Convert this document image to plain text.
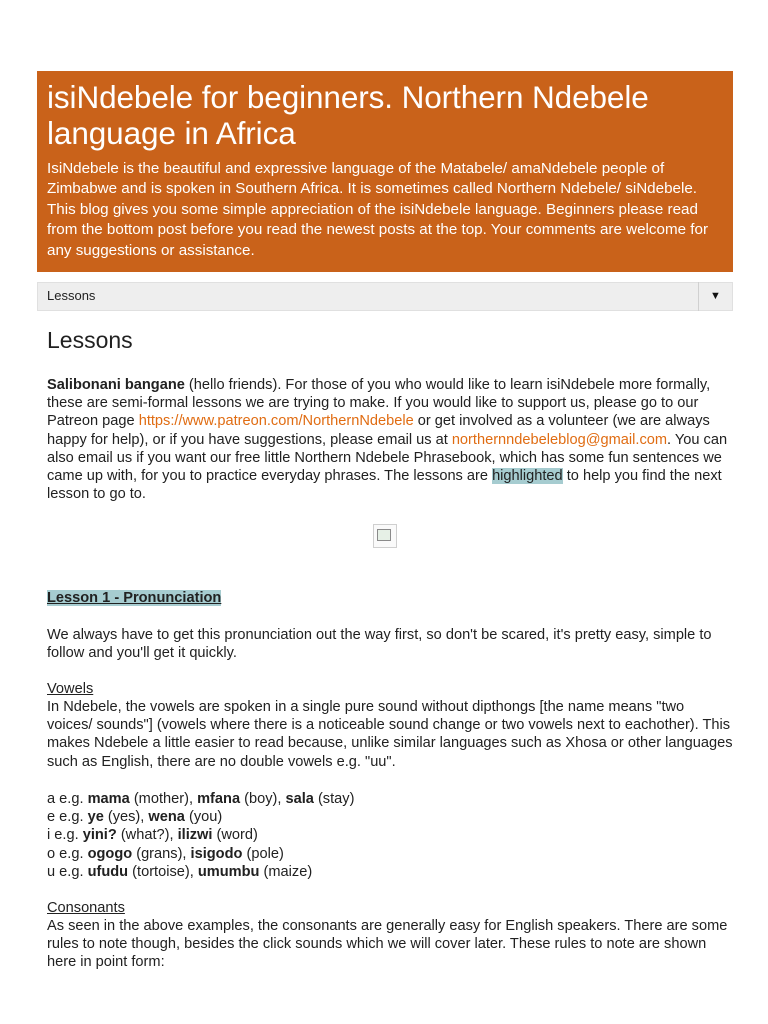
isiNdebele for beginners. Northern Ndebele language in Africa

IsiNdebele is the beautiful and expressive language of the Matabele/ amaNdebele people of Zimbabwe and is spoken in Southern Africa. It is sometimes called Northern Ndebele/ siNdebele. This blog gives you some simple appreciation of the isiNdebele language. Beginners please read from the bottom post before you read the newest posts at the top. Your comments are welcome for any suggestions or assistance.

Lessons	▼
Lessons

Salibonani bangane (hello friends). For those of you who would like to learn isiNdebele more formally, these are semi-formal lessons we are trying to make. If you would like to support us, please go to our Patreon page https://www.patreon.com/NorthernNdebele or get involved as a volunteer (we are always happy for help), or if you have suggestions, please email us at northernndebeleblog@gmail.com. You can also email us if you want our free little Northern Ndebele Phrasebook, which has some fun sentences we came up with, for you to practice everyday phrases. The lessons are highlighted to help you find the next lesson to go to.

Lesson 1 - Pronunciation
We always have to get this pronunciation out the way first, so don't be scared, it's pretty easy, simple to follow and you'll get it quickly.
Vowels
In Ndebele, the vowels are spoken in a single pure sound without dipthongs [the name means "two voices/ sounds"] (vowels where there is a noticeable sound change or two vowels next to eachother). This makes Ndebele a little easier to read because, unlike similar languages such as Xhosa or other languages such as English, there are no double vowels e.g. "uu".
a e.g. mama (mother), mfana (boy), sala (stay)
e e.g. ye (yes), wena (you)
i e.g. yini? (what?), ilizwi (word)
o e.g. ogogo (grans), isigodo (pole)
u e.g. ufudu (tortoise), umumbu (maize)
Consonants
As seen in the above examples, the consonants are generally easy for English speakers. There are some rules to note though, besides the click sounds which we will cover later. These rules to note are shown here in point form:
